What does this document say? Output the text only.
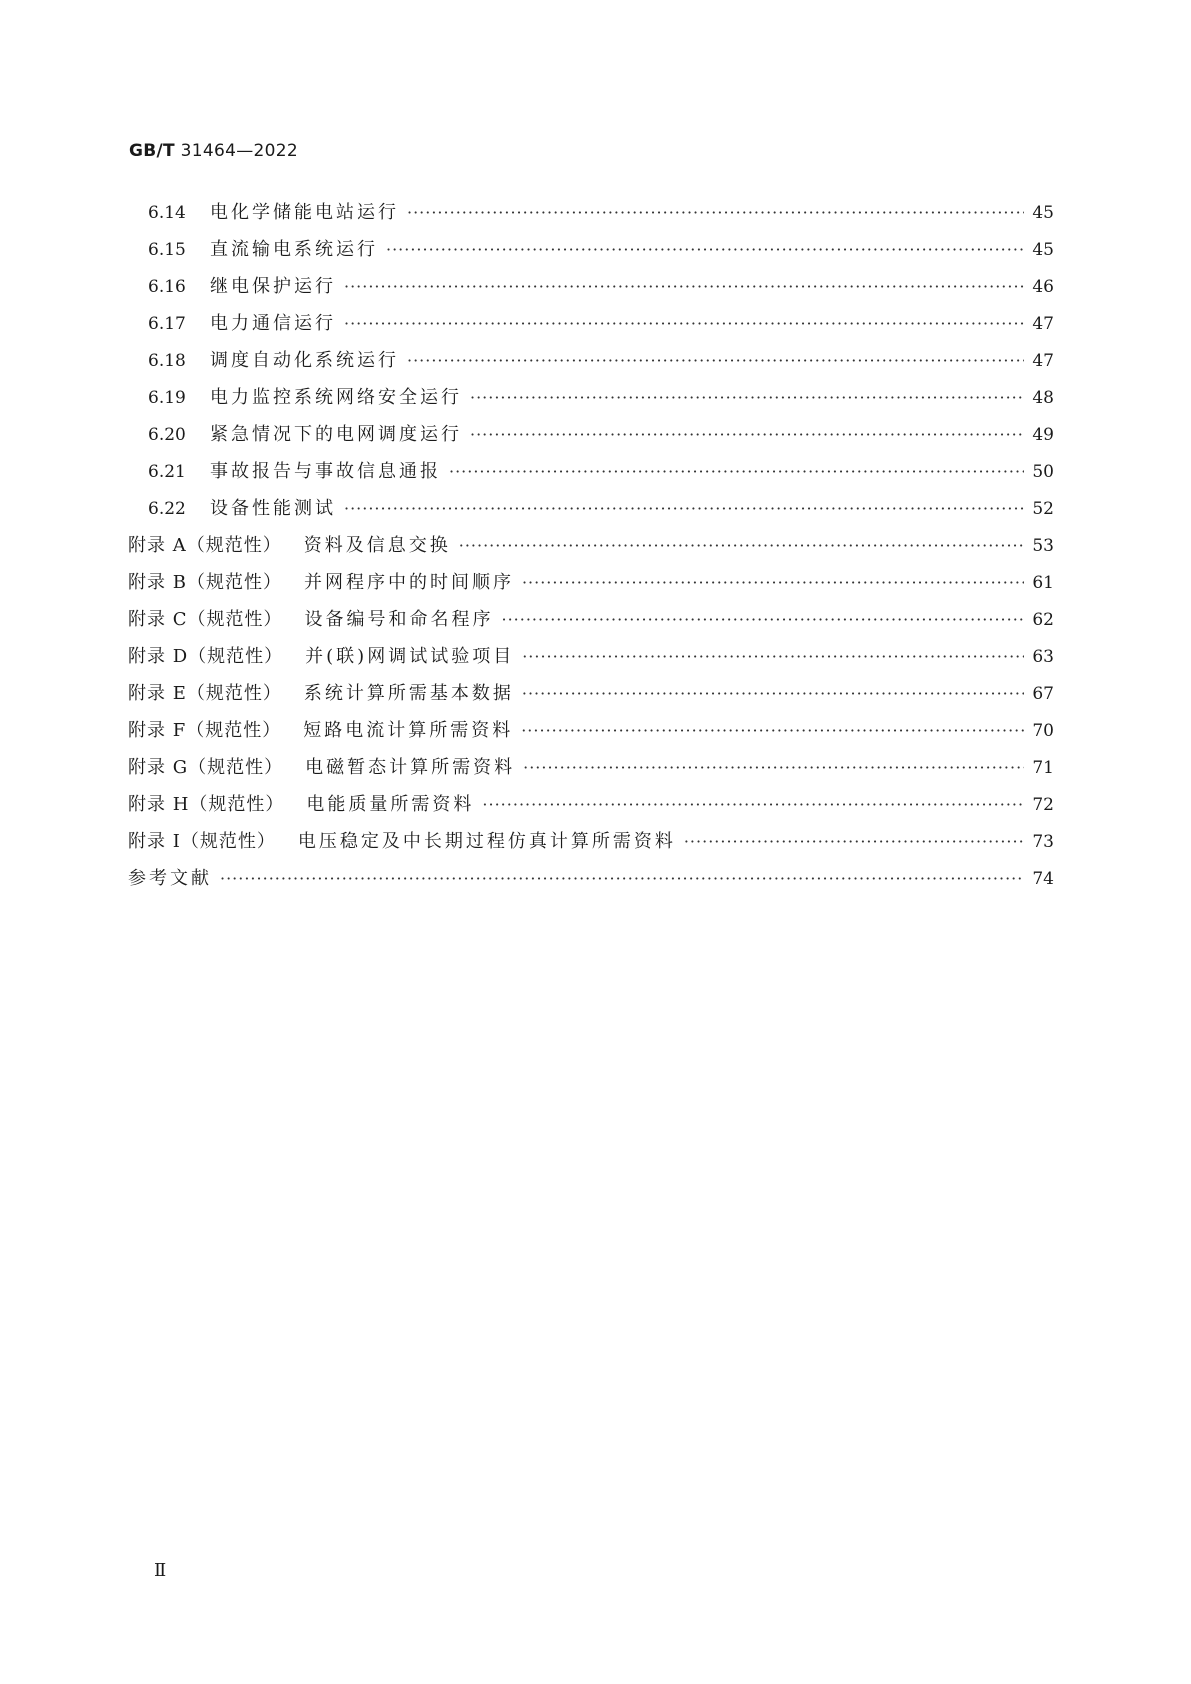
GB/T 31464—2022
6.14	电化学储能电站运行 ·····	45
6.15	直流输电系统运行 ·····	45
6.16	继电保护运行 ·····	46
6.17	电力通信运行 ·····	47
6.18	调度自动化系统运行 ·····	47
6.19	电力监控系统网络安全运行 ·····	48
6.20	紧急情况下的电网调度运行 ·····	49
6.21	事故报告与事故信息通报 ·····	50
6.22	设备性能测试 ·····	52
附录 A（规范性） 资料及信息交换 ·····	53
附录 B（规范性） 并网程序中的时间顺序 ·····	61
附录 C（规范性） 设备编号和命名程序 ·····	62
附录 D（规范性） 并(联)网调试试验项目 ·····	63
附录 E（规范性） 系统计算所需基本数据 ·····	67
附录 F（规范性） 短路电流计算所需资料 ·····	70
附录 G（规范性） 电磁暂态计算所需资料 ·····	71
附录 H（规范性） 电能质量所需资料 ·····	72
附录 I（规范性） 电压稳定及中长期过程仿真计算所需资料 ·····	73
参考文献 ·····	74
Ⅱ
